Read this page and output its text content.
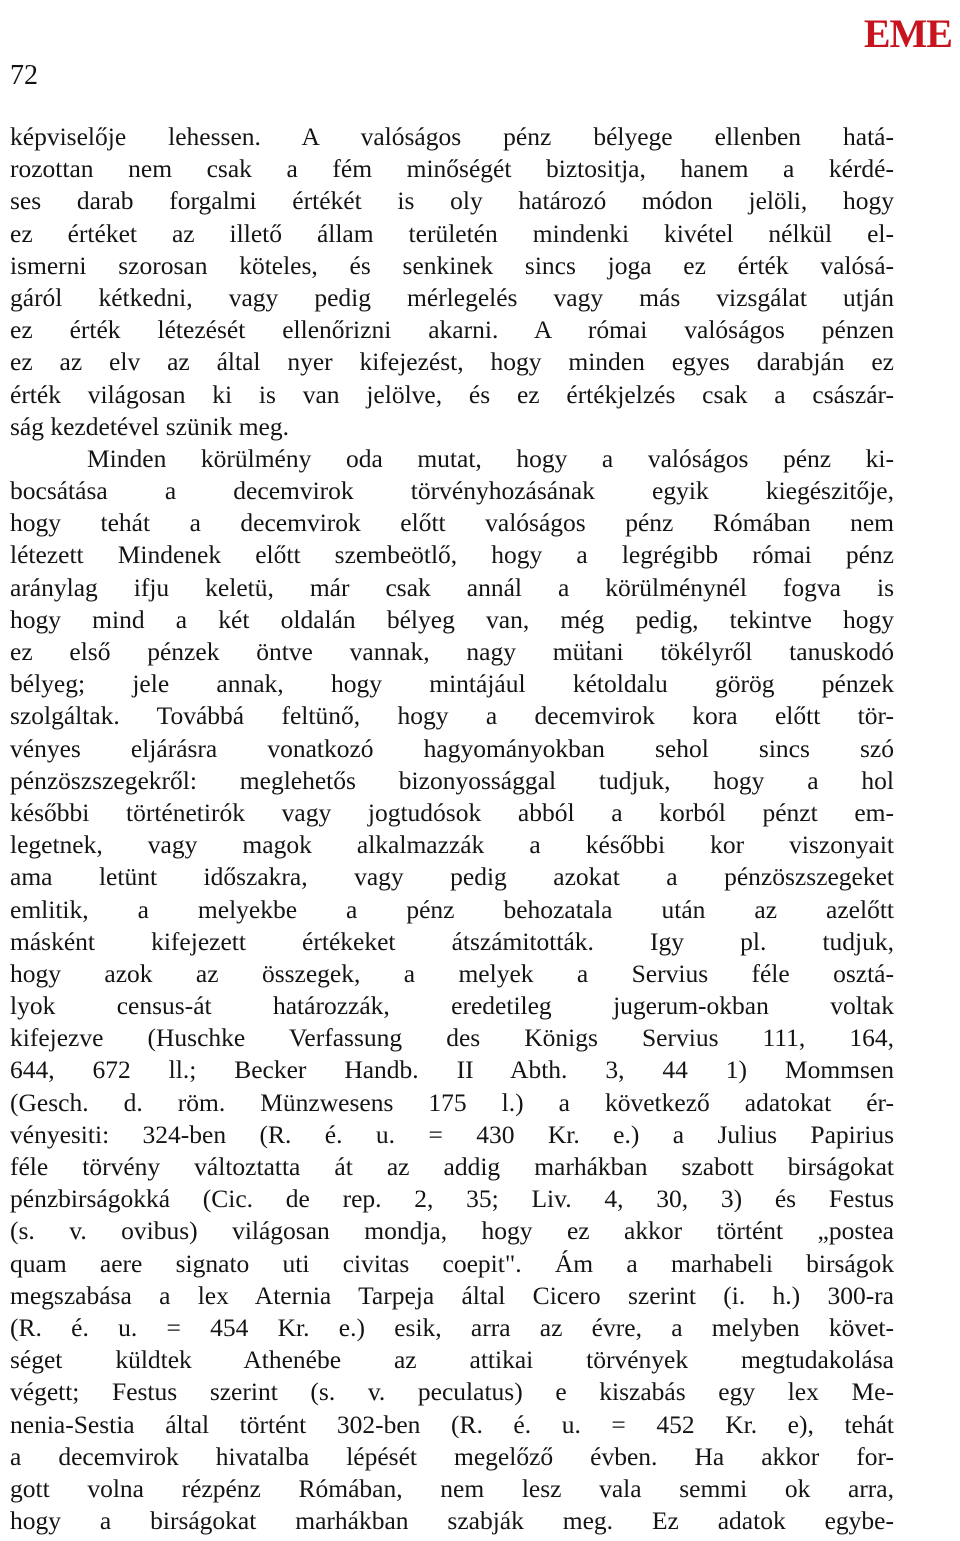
72
EME
képviselője lehessen. A valóságos pénz bélyege ellenben hatá-
rozottan nem csak a fém minőségét biztositja, hanem a kérdé-
ses darab forgalmi értékét is oly határozó módon jelöli, hogy
ez értéket az illető állam területén mindenki kivétel nélkül el-
ismerni szorosan köteles, és senkinek sincs joga ez érték valósá-
gáról kétkedni, vagy pedig mérlegelés vagy más vizsgálat utján
ez érték létezését ellenőrizni akarni. A római valóságos pénzen
ez az elv az által nyer kifejezést, hogy minden egyes darabján ez
érték világosan ki is van jelölve, és ez értékjelzés csak a császár-
ság kezdetével szünik meg.
Minden körülmény oda mutat, hogy a valóságos pénz ki-
bocsátása a decemvirok törvényhozásának egyik kiegészitője,
hogy tehát a decemvirok előtt valóságos pénz Rómában nem
létezett Mindenek előtt szembeötlő, hogy a legrégibb római pénz
aránylag ifju keletü, már csak annál a körülménynél fogva is
hogy mind a két oldalán bélyeg van, még pedig, tekintve hogy
ez első pénzek öntve vannak, nagy müṫani tökélyről tanuskodó
bélyeg; jele annak, hogy mintájául kétoldalu görög pénzek
szolgáltak. Továbbá feltünő, hogy a decemvirok kora előtt tör-
vényes eljárásra vonatkozó hagyományokban sehol sincs szó
pénzöszszegekről: meglehetős bizonyossággal tudjuk, hogy a hol
későbbi történetirók vagy jogtudósok abból a korból pénzt em-
legetnek, vagy magok alkalmazzák a későbbi kor viszonyait
ama letünt időszakra, vagy pedig azokat a pénzöszszegeket
emlitik, a melyekbe a pénz behozatala után az azelőtt
másként kifejezett értékeket átszámitották. Igy pl. tudjuk,
hogy azok az összegek, a melyek a Servius féle osztá-
lyok census-át határozzák, eredetileg jugerum-okban voltak
kifejezve (Huschke Verfassung des Königs Servius 111, 164,
644, 672 ll.; Becker Handb. II Abth. 3, 44 1) Mommsen
(Gesch. d. röm. Münzwesens 175 l.) a következő adatokat ér-
vényesiti: 324-ben (R. é. u. = 430 Kr. e.) a Julius Papirius
féle törvény változtatta át az addig marhákban szabott birságokat
pénzbirságokká (Cic. de rep. 2, 35; Liv. 4, 30, 3) és Festus
(s. v. ovibus) világosan mondja, hogy ez akkor történt „postea
quam aere signato uti civitas coepit". Ám a marhabeli birságok
megszabása a lex Aternia Tarpeja által Cicero szerint (i. h.) 300-ra
(R. é. u. = 454 Kr. e.) esik, arra az évre, a melyben követ-
séget küldtek Athenébe az attikai törvények megtudakolása
végett; Festus szerint (s. v. peculatus) e kiszabás egy lex Me-
nenia-Sestia által történt 302-ben (R. é. u. = 452 Kr. e), tehát
a decemvirok hivatalba lépését megelőző évben. Ha akkor for-
gott volna rézpénz Rómában, nem lesz vala semmi ok arra,
hogy a birságokat marhákban szabják meg. Ez adatok egybe-
